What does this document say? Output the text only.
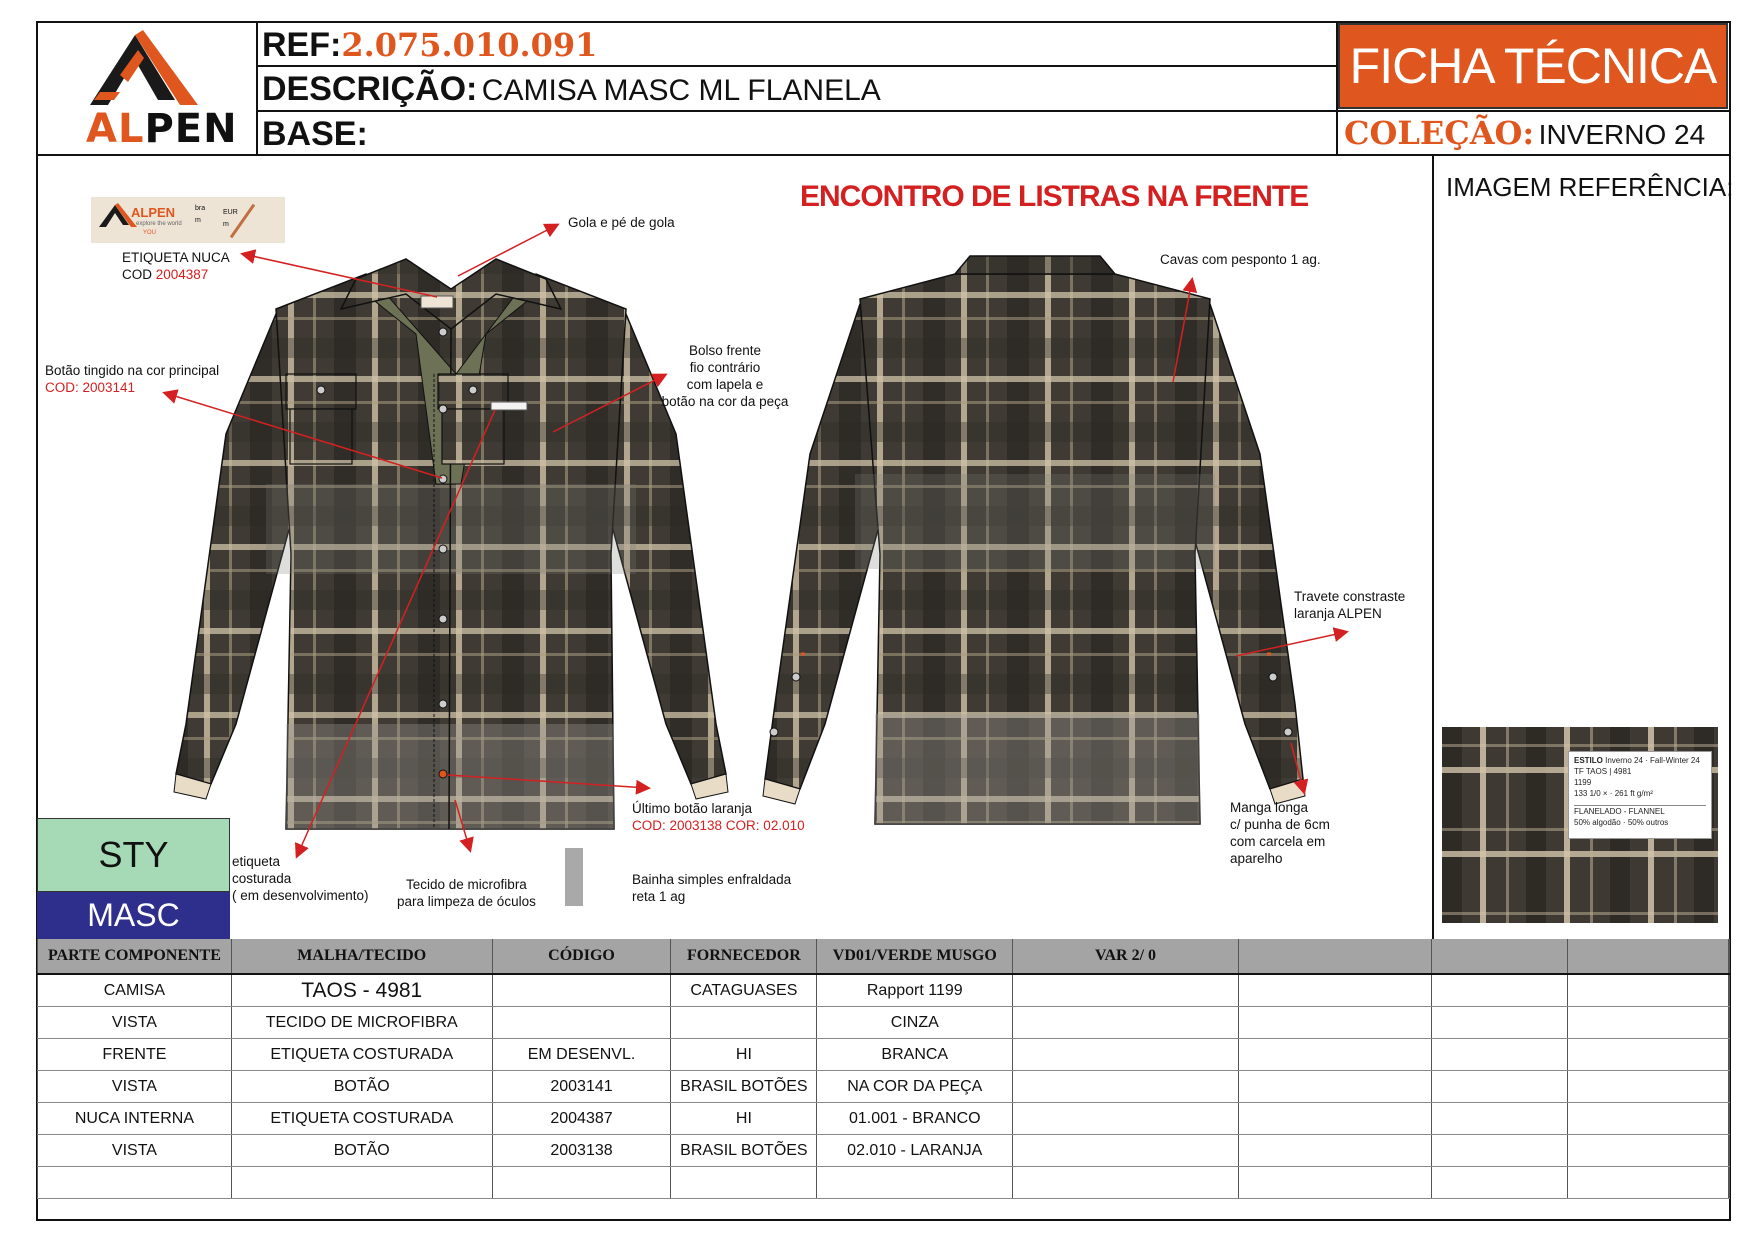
ALPEN
REF:2.075.010.091
DESCRIÇÃO: CAMISA MASC ML FLANELA
BASE:
FICHA TÉCNICA
COLEÇÃO: INVERNO 24
IMAGEM REFERÊNCIA:
ESTILO Inverno 24 · Fall-Winter 24
TF TAOS | 4981
1199
133 1/0 × · 261 ft g/m²
FLANELADO - FLANNEL
50% algodão · 50% outros
ENCONTRO DE LISTRAS NA FRENTE
ALPEN
explore the world
YOU
bra
m
EUR
m
ETIQUETA NUCA
COD 2004387
Gola e pé de gola
Botão tingido na cor principal
COD: 2003141
Bolso frente
fio contrário
com lapela e
botão na cor da peça
Último botão laranja
COD: 2003138 COR: 02.010
Bainha simples enfraldada
reta 1 ag
Tecido de microfibra
para limpeza de óculos
etiqueta
costurada
( em desenvolvimento)
Cavas com pesponto 1 ag.
Travete constraste
laranja ALPEN
Manga longa
c/ punha de 6cm
com carcela em
aparelho
STY
MASC
PARTE COMPONENTE	MALHA/TECIDO	CÓDIGO	FORNECEDOR	VD01/VERDE MUSGO	VAR 2/ 0				
CAMISA	TAOS - 4981		CATAGUASES	Rapport 1199					
VISTA	TECIDO DE MICROFIBRA			CINZA					
FRENTE	ETIQUETA COSTURADA	EM DESENVL.	HI	BRANCA					
VISTA	BOTÃO	2003141	BRASIL BOTÕES	NA COR DA PEÇA					
NUCA INTERNA	ETIQUETA COSTURADA	2004387	HI	01.001 - BRANCO					
VISTA	BOTÃO	2003138	BRASIL BOTÕES	02.010 - LARANJA					
